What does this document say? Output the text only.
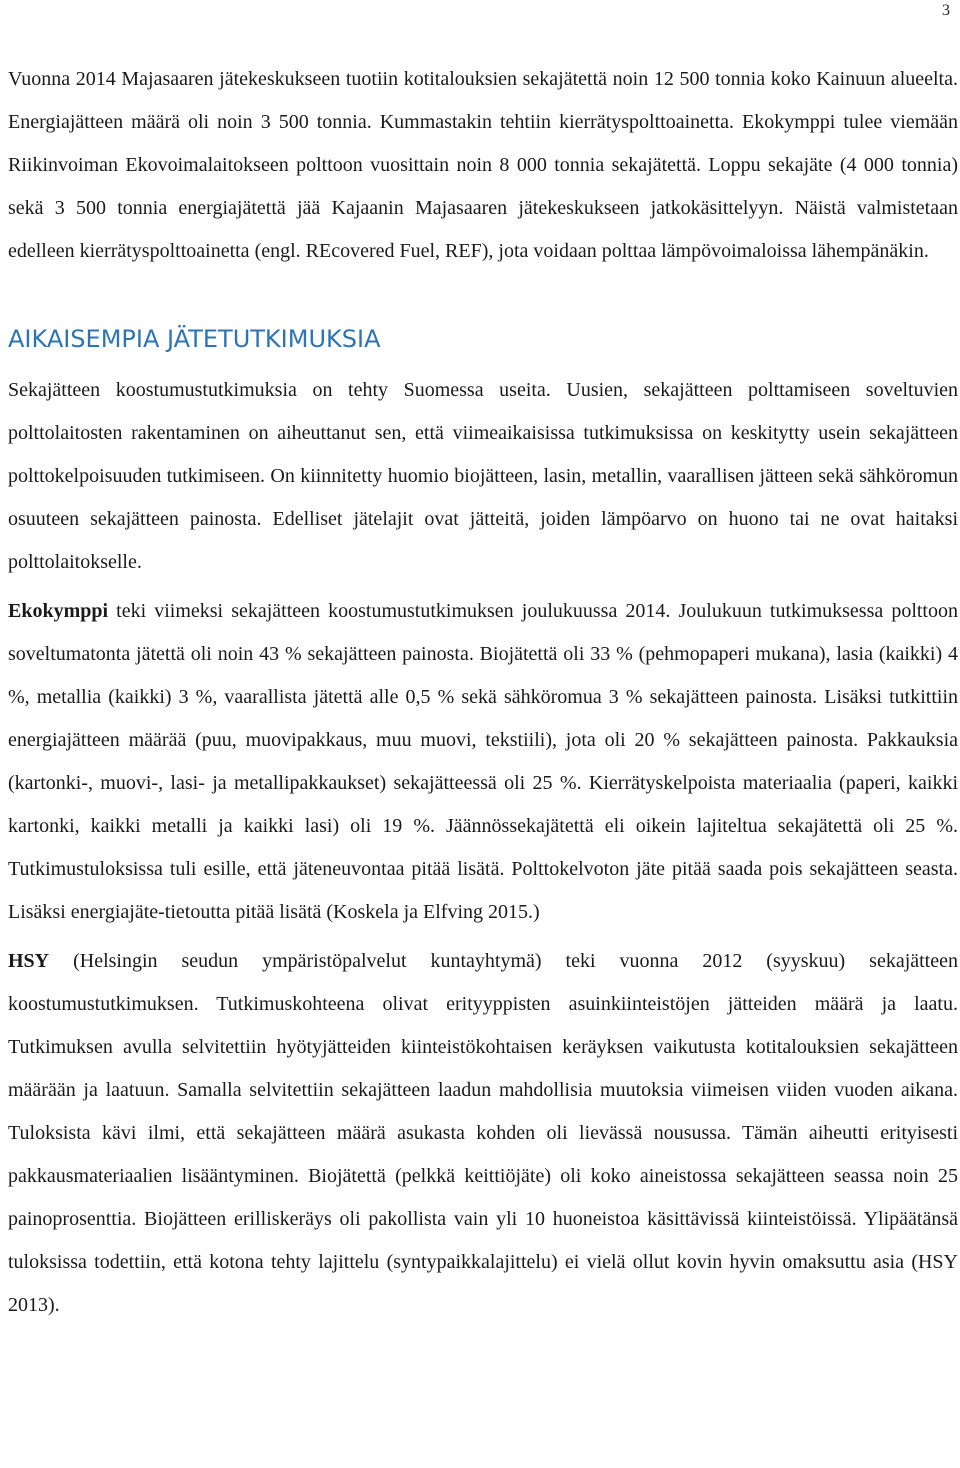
3

Vuonna 2014 Majasaaren jätekeskukseen tuotiin kotitalouksien sekajätettä noin 12 500 tonnia koko Kainuun alueelta. Energiajätteen määrä oli noin 3 500 tonnia. Kummastakin tehtiin kierrätyspolttoainetta. Ekokymppi tulee viemään Riikinvoiman Ekovoimalaitokseen polttoon vuosittain noin 8 000 tonnia sekajätettä. Loppu sekajäte (4 000 tonnia) sekä 3 500 tonnia energiajätettä jää Kajaanin Majasaaren jätekeskukseen jatkokäsittelyyn. Näistä valmistetaan edelleen kierrätyspolttoainetta (engl. REcovered Fuel, REF), jota voidaan polttaa lämpövoimaloissa lähempänäkin.

AIKAISEMPIA JÄTETUTKIMUKSIA

Sekajätteen koostumustutkimuksia on tehty Suomessa useita. Uusien, sekajätteen polttamiseen soveltuvien polttolaitosten rakentaminen on aiheuttanut sen, että viimeaikaisissa tutkimuksissa on keskitytty usein sekajätteen polttokelpoisuuden tutkimiseen. On kiinnitetty huomio biojätteen, lasin, metallin, vaarallisen jätteen sekä sähköromun osuuteen sekajätteen painosta. Edelliset jätelajit ovat jätteitä, joiden lämpöarvo on huono tai ne ovat haitaksi polttolaitokselle.

Ekokymppi teki viimeksi sekajätteen koostumustutkimuksen joulukuussa 2014. Joulukuun tutkimuksessa polttoon soveltumatonta jätettä oli noin 43 % sekajätteen painosta. Biojätettä oli 33 % (pehmopaperi mukana), lasia (kaikki) 4 %, metallia (kaikki) 3 %, vaarallista jätettä alle 0,5 % sekä sähköromua 3 % sekajätteen painosta. Lisäksi tutkittiin energiajätteen määrää (puu, muovipakkaus, muu muovi, tekstiili), jota oli 20 % sekajätteen painosta. Pakkauksia (kartonki-, muovi-, lasi- ja metallipakkaukset) sekajätteessä oli 25 %. Kierrätyskelpoista materiaalia (paperi, kaikki kartonki, kaikki metalli ja kaikki lasi) oli 19 %. Jäännössekajätettä eli oikein lajiteltua sekajätettä oli 25 %. Tutkimustuloksissa tuli esille, että jäteneuvontaa pitää lisätä. Polttokelvoton jäte pitää saada pois sekajätteen seasta. Lisäksi energiajäte-tietoutta pitää lisätä (Koskela ja Elfving 2015.)

HSY (Helsingin seudun ympäristöpalvelut kuntayhtymä) teki vuonna 2012 (syyskuu) sekajätteen koostumustutkimuksen. Tutkimuskohteena olivat erityyppisten asuinkiinteistöjen jätteiden määrä ja laatu. Tutkimuksen avulla selvitettiin hyötyjätteiden kiinteistökohtaisen keräyksen vaikutusta kotitalouksien sekajätteen määrään ja laatuun. Samalla selvitettiin sekajätteen laadun mahdollisia muutoksia viimeisen viiden vuoden aikana. Tuloksista kävi ilmi, että sekajätteen määrä asukasta kohden oli lievässä nousussa. Tämän aiheutti erityisesti pakkausmateriaalien lisääntyminen. Biojätettä (pelkkä keittiöjäte) oli koko aineistossa sekajätteen seassa noin 25 painoprosenttia. Biojätteen erilliskeräys oli pakollista vain yli 10 huoneistoa käsittävissä kiinteistöissä. Ylipäätänsä tuloksissa todettiin, että kotona tehty lajittelu (syntypaikkalajittelu) ei vielä ollut kovin hyvin omaksuttu asia (HSY 2013).
